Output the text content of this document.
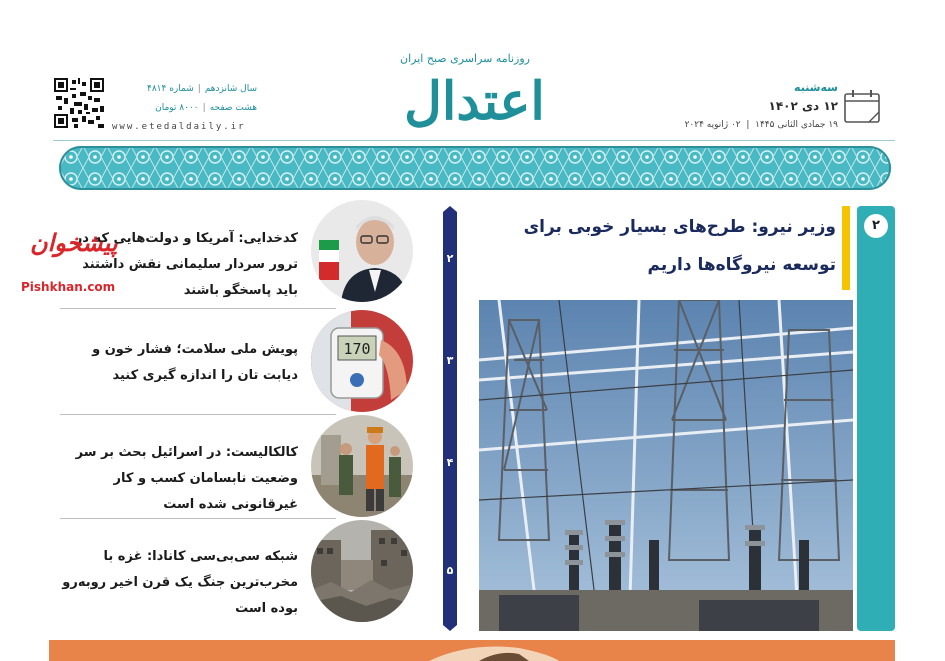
سال شانزدهم|شماره ۴۸۱۴
هشت صفحه|۸۰۰۰ تومان
www.etedaldaily.ir
روزنامه سراسری صبح ایران
اعتدال	سه‌شنبه
۱۲ دی ۱۴۰۲
۱۹ جمادی الثانی ۱۴۴۵  |  ۰۲ ژانویه ۲۰۲۴
۲
وزیر نیرو: طرح‌های بسیار خوبی برای توسعه نیروگاه‌ها داریم
۲
۳
۴
۵
کدخدایی: آمریکا و دولت‌هایی که در ترور سردار سلیمانی نقش داشتند باید پاسخگو باشند
170
پویش ملی سلامت؛ فشار خون و دیابت تان را اندازه گیری کنید
کالکالیست: در اسرائیل بحث بر سر وضعیت نابسامان کسب و کار غیرقانونی شده است
شبکه سی‌بی‌سی کانادا: غزه با مخرب‌ترین جنگ یک قرن اخیر روبه‌رو بوده است
پیشخوان
Pishkhan.com
